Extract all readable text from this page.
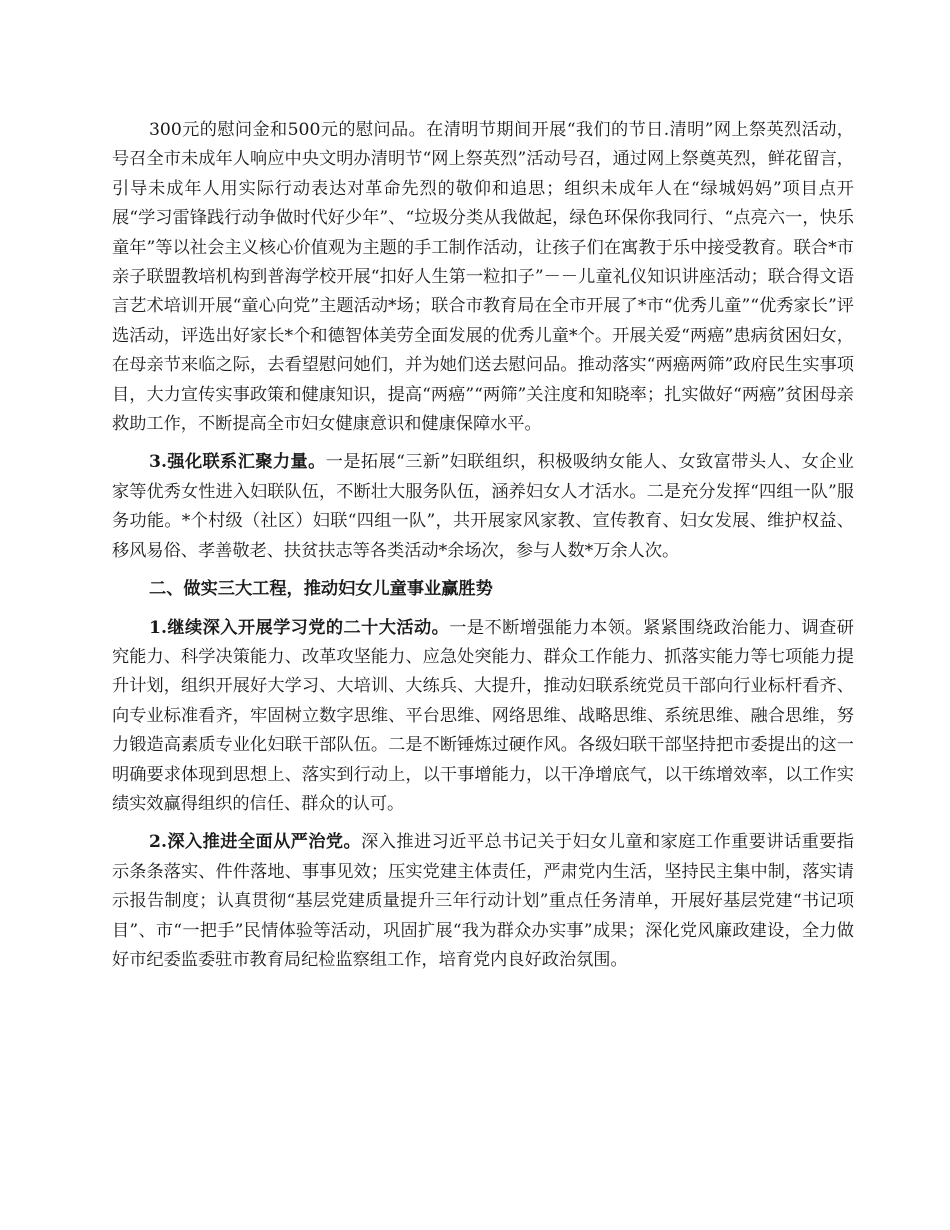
300元的慰问金和500元的慰问品。在清明节期间开展“我们的节日.清明”网上祭英烈活动，号召全市未成年人响应中央文明办清明节“网上祭英烈”活动号召，通过网上祭奠英烈，鲜花留言，引导未成年人用实际行动表达对革命先烈的敬仰和追思；组织未成年人在“绿城妈妈”项目点开展“学习雷锋践行动争做时代好少年”、“垃圾分类从我做起，绿色环保你我同行、“点亮六一，快乐童年”等以社会主义核心价值观为主题的手工制作活动，让孩子们在寓教于乐中接受教育。联合*市亲子联盟教培机构到普海学校开展“扣好人生第一粒扣子”－－儿童礼仪知识讲座活动；联合得文语言艺术培训开展“童心向党”主题活动*场；联合市教育局在全市开展了*市“优秀儿童”“优秀家长”评选活动，评选出好家长*个和德智体美劳全面发展的优秀儿童*个。开展关爱“两癌”患病贫困妇女，在母亲节来临之际，去看望慰问她们，并为她们送去慰问品。推动落实“两癌两筛”政府民生实事项目，大力宣传实事政策和健康知识，提高“两癌”“两筛”关注度和知晓率；扎实做好“两癌”贫困母亲救助工作，不断提高全市妇女健康意识和健康保障水平。

3.强化联系汇聚力量。一是拓展“三新”妇联组织，积极吸纳女能人、女致富带头人、女企业家等优秀女性进入妇联队伍，不断壮大服务队伍，涵养妇女人才活水。二是充分发挥“四组一队”服务功能。*个村级（社区）妇联“四组一队”，共开展家风家教、宣传教育、妇女发展、维护权益、移风易俗、孝善敬老、扶贫扶志等各类活动*余场次，参与人数*万余人次。

二、做实三大工程，推动妇女儿童事业赢胜势

1.继续深入开展学习党的二十大活动。一是不断增强能力本领。紧紧围绕政治能力、调查研究能力、科学决策能力、改革攻坚能力、应急处突能力、群众工作能力、抓落实能力等七项能力提升计划，组织开展好大学习、大培训、大练兵、大提升，推动妇联系统党员干部向行业标杆看齐、向专业标准看齐，牢固树立数字思维、平台思维、网络思维、战略思维、系统思维、融合思维，努力锻造高素质专业化妇联干部队伍。二是不断锤炼过硬作风。各级妇联干部坚持把市委提出的这一明确要求体现到思想上、落实到行动上，以干事增能力，以干净增底气，以干练增效率，以工作实绩实效赢得组织的信任、群众的认可。

2.深入推进全面从严治党。深入推进习近平总书记关于妇女儿童和家庭工作重要讲话重要指示条条落实、件件落地、事事见效；压实党建主体责任，严肃党内生活，坚持民主集中制，落实请示报告制度；认真贯彻“基层党建质量提升三年行动计划”重点任务清单，开展好基层党建“书记项目”、市“一把手”民情体验等活动，巩固扩展“我为群众办实事”成果；深化党风廉政建设，全力做好市纪委监委驻市教育局纪检监察组工作，培育党内良好政治氛围。
